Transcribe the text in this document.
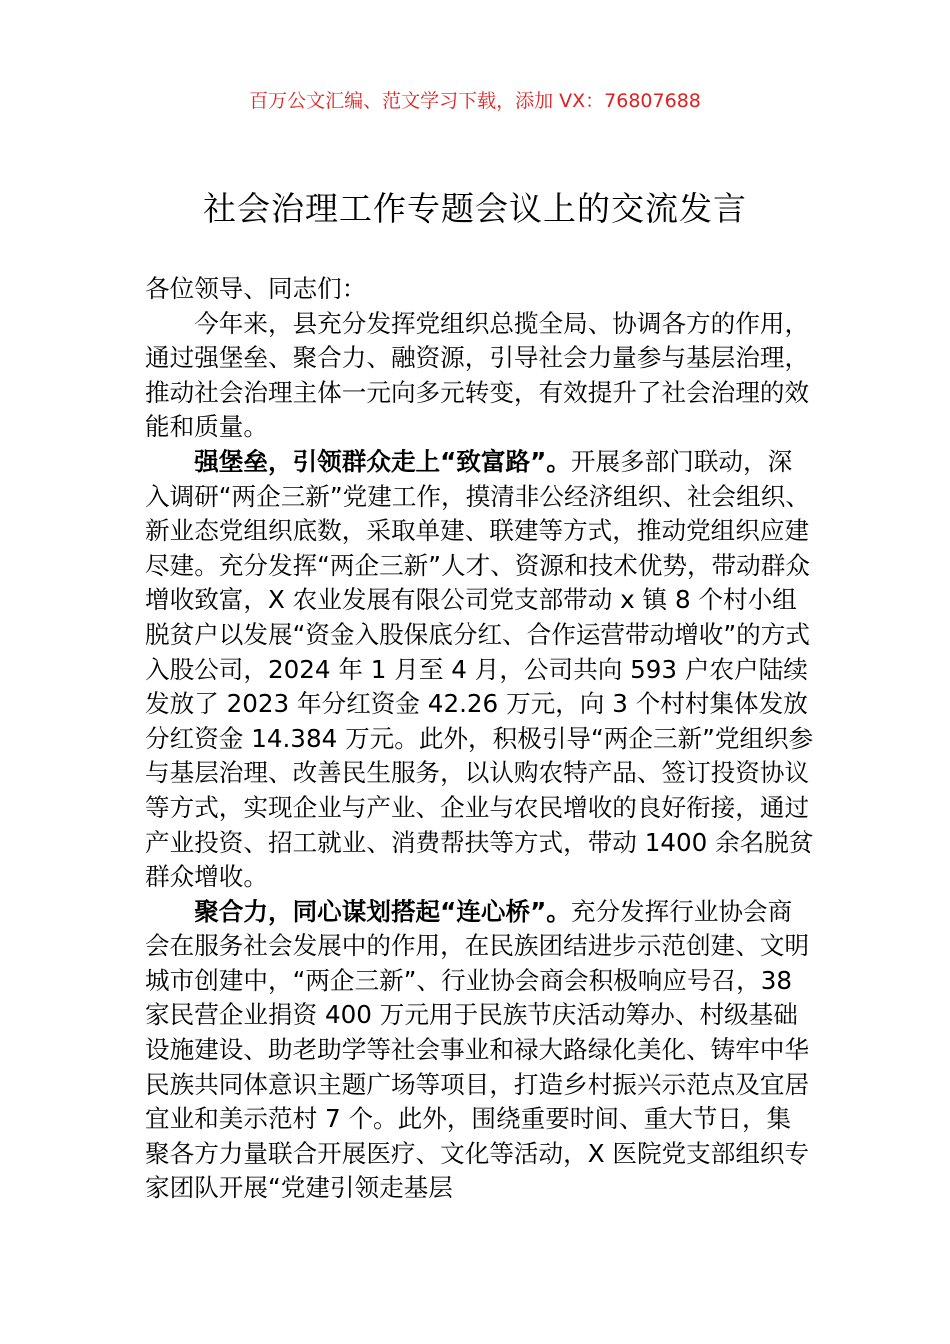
百万公文汇编、范文学习下载，添加 VX：76807688
社会治理工作专题会议上的交流发言

各位领导、同志们：

今年来，县充分发挥党组织总揽全局、协调各方的作用，通过强堡垒、聚合力、融资源，引导社会力量参与基层治理，推动社会治理主体一元向多元转变，有效提升了社会治理的效能和质量。

强堡垒，引领群众走上“致富路”。开展多部门联动，深入调研“两企三新”党建工作，摸清非公经济组织、社会组织、新业态党组织底数，采取单建、联建等方式，推动党组织应建尽建。充分发挥“两企三新”人才、资源和技术优势，带动群众增收致富，X 农业发展有限公司党支部带动 x 镇 8 个村小组脱贫户以发展“资金入股保底分红、合作运营带动增收”的方式入股公司，2024 年 1 月至 4 月，公司共向 593 户农户陆续发放了 2023 年分红资金 42.26 万元，向 3 个村村集体发放分红资金 14.384 万元。此外，积极引导“两企三新”党组织参与基层治理、改善民生服务，以认购农特产品、签订投资协议等方式，实现企业与产业、企业与农民增收的良好衔接，通过产业投资、招工就业、消费帮扶等方式，带动 1400 余名脱贫群众增收。

聚合力，同心谋划搭起“连心桥”。充分发挥行业协会商会在服务社会发展中的作用，在民族团结进步示范创建、文明城市创建中，“两企三新”、行业协会商会积极响应号召，38 家民营企业捐资 400 万元用于民族节庆活动筹办、村级基础设施建设、助老助学等社会事业和禄大路绿化美化、铸牢中华民族共同体意识主题广场等项目，打造乡村振兴示范点及宜居宜业和美示范村 7 个。此外，围绕重要时间、重大节日，集聚各方力量联合开展医疗、文化等活动，X 医院党支部组织专家团队开展“党建引领走基层
